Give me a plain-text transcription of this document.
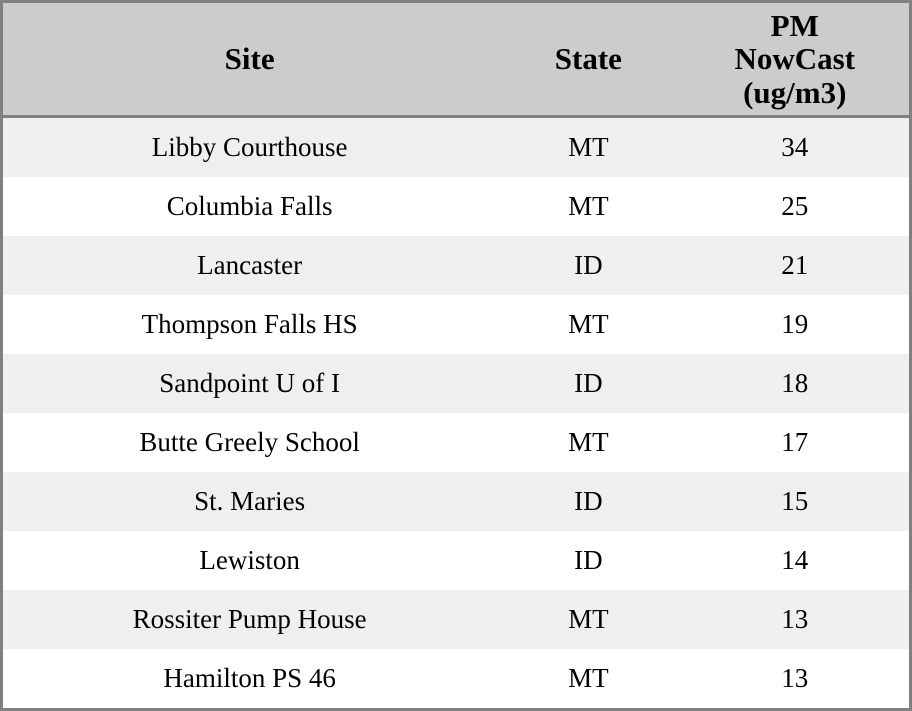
Site	State	PM
NowCast
(ug/m3)

Libby Courthouse	MT	34
Columbia Falls	MT	25
Lancaster	ID	21
Thompson Falls HS	MT	19
Sandpoint U of I	ID	18
Butte Greely School	MT	17
St. Maries	ID	15
Lewiston	ID	14
Rossiter Pump House	MT	13
Hamilton PS 46	MT	13
